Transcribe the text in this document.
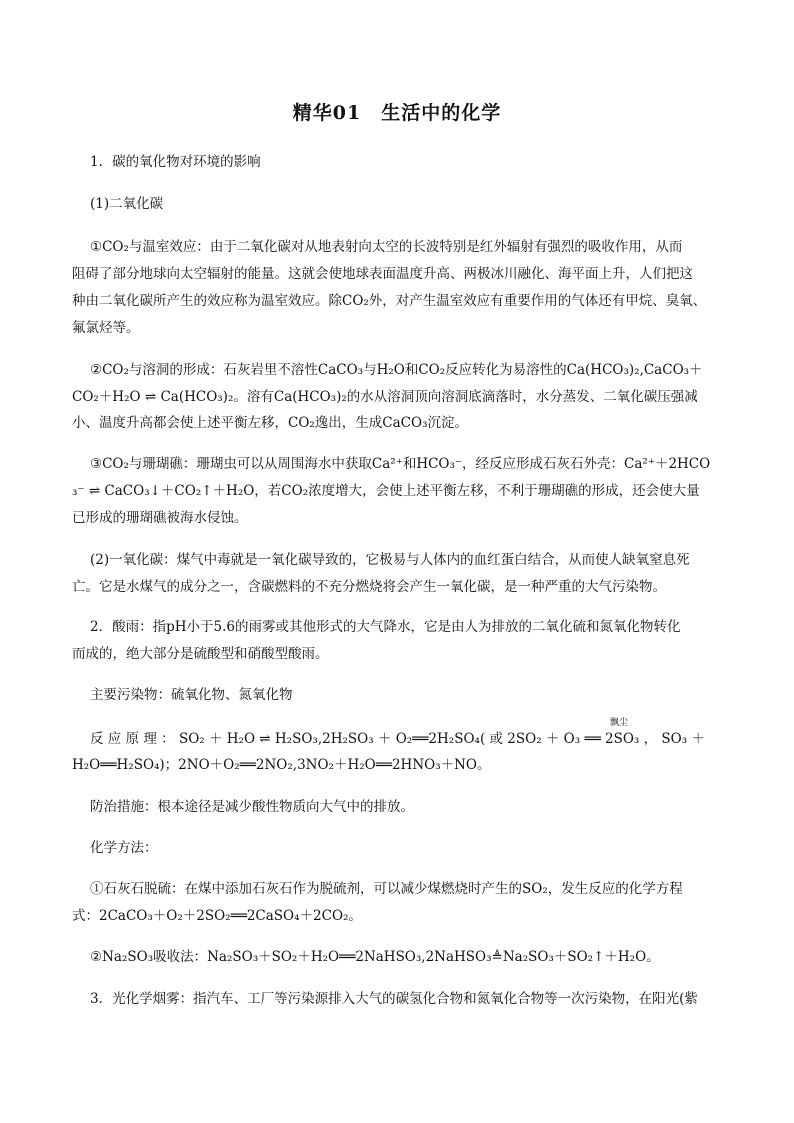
精华01　生活中的化学
1．碳的氧化物对环境的影响
(1)二氧化碳
①CO₂与温室效应：由于二氧化碳对从地表射向太空的长波特别是红外辐射有强烈的吸收作用，从而
阻碍了部分地球向太空辐射的能量。这就会使地球表面温度升高、两极冰川融化、海平面上升，人们把这
种由二氧化碳所产生的效应称为温室效应。除CO₂外，对产生温室效应有重要作用的气体还有甲烷、臭氧、
氟氯烃等。
②CO₂与溶洞的形成：石灰岩里不溶性CaCO₃与H₂O和CO₂反应转化为易溶性的Ca(HCO₃)₂,CaCO₃＋
CO₂＋H₂O ⇌ Ca(HCO₃)₂。溶有Ca(HCO₃)₂的水从溶洞顶向溶洞底滴落时，水分蒸发、二氧化碳压强减
小、温度升高都会使上述平衡左移，CO₂逸出，生成CaCO₃沉淀。
③CO₂与珊瑚礁：珊瑚虫可以从周围海水中获取Ca²⁺和HCO₃⁻，经反应形成石灰石外壳：Ca²⁺＋2HCO
₃⁻ ⇌ CaCO₃↓＋CO₂↑＋H₂O，若CO₂浓度增大，会使上述平衡左移，不利于珊瑚礁的形成，还会使大量
已形成的珊瑚礁被海水侵蚀。
(2)一氧化碳：煤气中毒就是一氧化碳导致的，它极易与人体内的血红蛋白结合，从而使人缺氧窒息死
亡。它是水煤气的成分之一，含碳燃料的不充分燃烧将会产生一氧化碳，是一种严重的大气污染物。
2．酸雨：指pH小于5.6的雨雾或其他形式的大气降水，它是由人为排放的二氧化硫和氮氧化物转化
而成的，绝大部分是硫酸型和硝酸型酸雨。
主要污染物：硫氧化物、氮氧化物
反 应 原 理 ： SO₂ ＋ H₂O ⇌ H₂SO₃,2H₂SO₃ ＋ O₂══2H₂SO₄( 或 2SO₂ ＋ O₃ ══ 2SO₃ ， SO₃ ＋
飘尘
H₂O══H₂SO₄)；2NO＋O₂══2NO₂,3NO₂＋H₂O══2HNO₃＋NO。
防治措施：根本途径是减少酸性物质向大气中的排放。
化学方法：
①石灰石脱硫：在煤中添加石灰石作为脱硫剂，可以减少煤燃烧时产生的SO₂，发生反应的化学方程
式：2CaCO₃＋O₂＋2SO₂══2CaSO₄＋2CO₂。
②Na₂SO₃吸收法：Na₂SO₃＋SO₂＋H₂O══2NaHSO₃,2NaHSO₃≜Na₂SO₃＋SO₂↑＋H₂O。
3．光化学烟雾：指汽车、工厂等污染源排入大气的碳氢化合物和氮氧化合物等一次污染物，在阳光(紫
